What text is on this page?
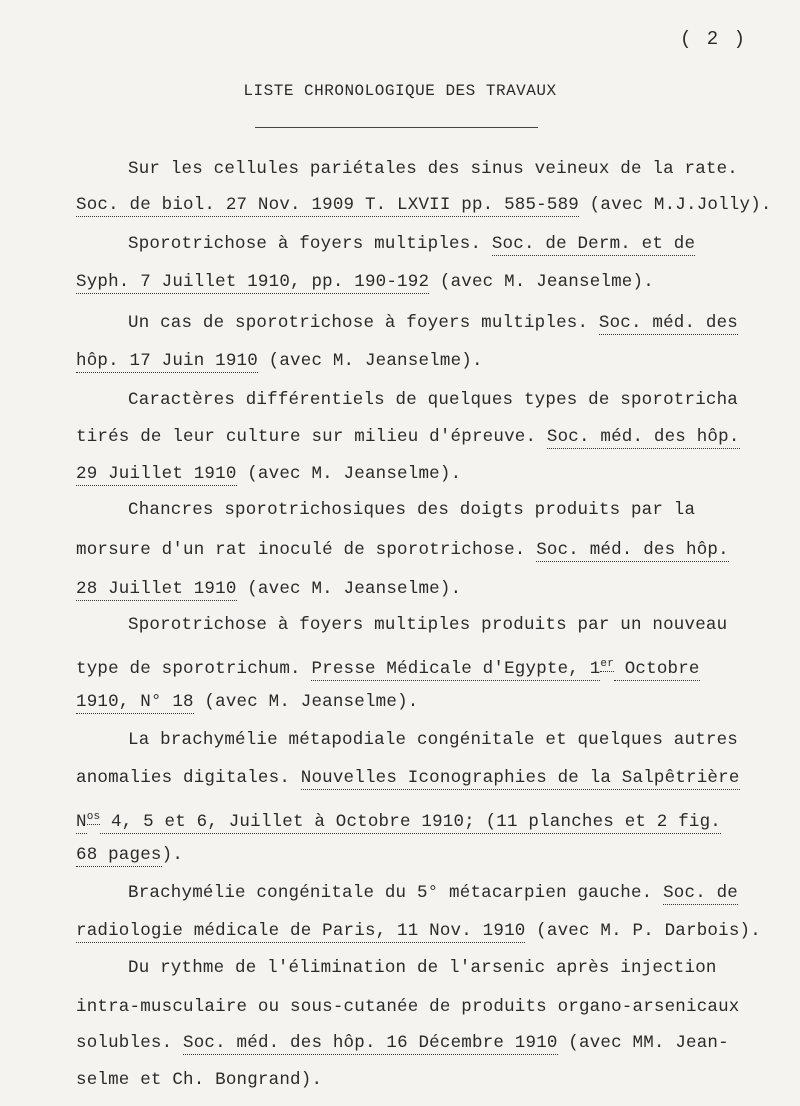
( 2 )
LISTE CHRONOLOGIQUE DES TRAVAUX
Sur les cellules pariétales des sinus veineux de la rate.
Soc. de biol. 27 Nov. 1909 T. LXVII pp. 585-589 (avec M.J.Jolly).
Sporotrichose à foyers multiples. Soc. de Derm. et de
Syph. 7 Juillet 1910, pp. 190-192 (avec M. Jeanselme).
Un cas de sporotrichose à foyers multiples. Soc. méd. des
hôp. 17 Juin 1910 (avec M. Jeanselme).
Caractères différentiels de quelques types de sporotricha
tirés de leur culture sur milieu d'épreuve. Soc. méd. des hôp.
29 Juillet 1910 (avec M. Jeanselme).
Chancres sporotrichosiques des doigts produits par la
morsure d'un rat inoculé de sporotrichose. Soc. méd. des hôp.
28 Juillet 1910 (avec M. Jeanselme).
Sporotrichose à foyers multiples produits par un nouveau
type de sporotrichum. Presse Médicale d'Egypte, 1er Octobre
1910, N° 18 (avec M. Jeanselme).
La brachymélie métapodiale congénitale et quelques autres
anomalies digitales. Nouvelles Iconographies de la Salpêtrière
$N^{os}$ 4, 5 et 6, Juillet à Octobre 1910; (11 planches et 2 fig.
68 pages).
Brachymélie congénitale du 5° métacarpien gauche. Soc. de
radiologie médicale de Paris, 11 Nov. 1910 (avec M. P. Darbois).
Du rythme de l'élimination de l'arsenic après injection
intra-musculaire ou sous-cutanée de produits organo-arsenicaux
solubles. Soc. méd. des hôp. 16 Décembre 1910 (avec MM. Jean-
selme et Ch. Bongrand).
